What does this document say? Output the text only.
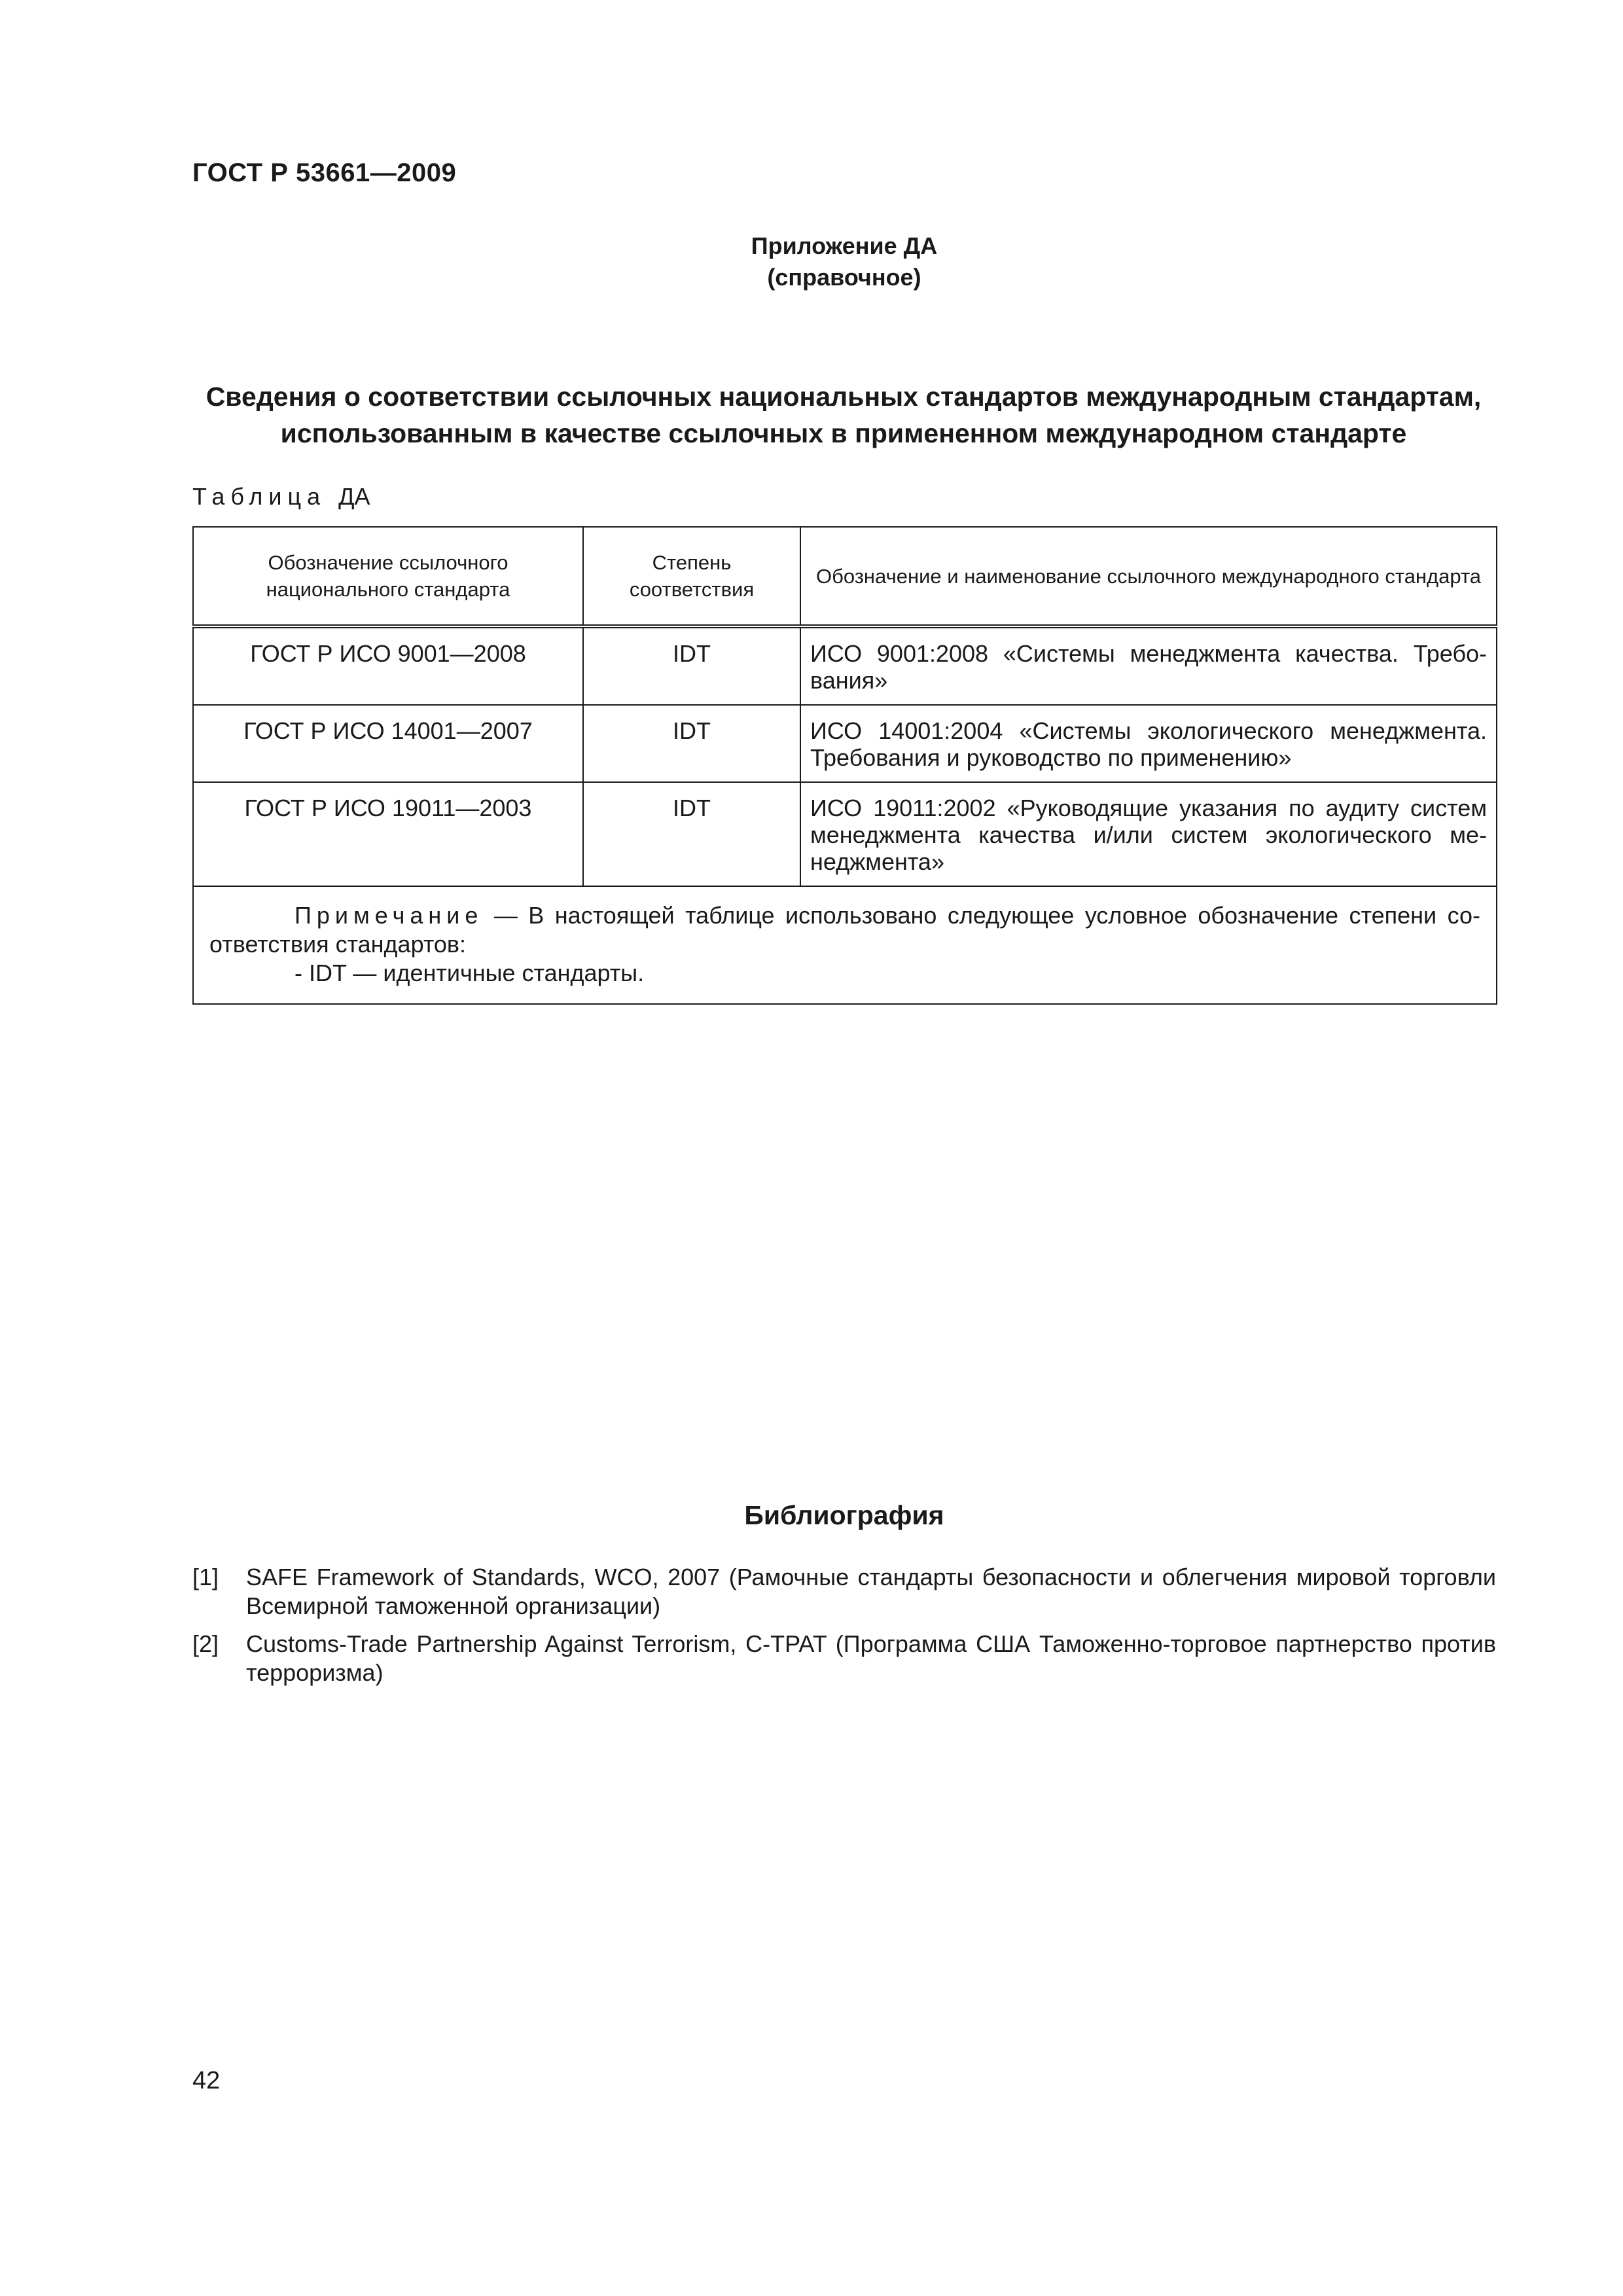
ГОСТ Р 53661—2009
Приложение ДА
(справочное)
Сведения о соответствии ссылочных национальных стандартов международным стандартам,
использованным в качестве ссылочных в примененном международном стандарте
Таблица ДА
Обозначение ссылочного национального стандарта	Степень соответствия	Обозначение и наименование ссылочного международного стандарта
ГОСТ Р ИСО 9001—2008	IDT	ИСО 9001:2008 «Системы менеджмента качества. Требования»
ГОСТ Р ИСО 14001—2007	IDT	ИСО 14001:2004 «Системы экологического менеджмента. Требования и руководство по применению»
ГОСТ Р ИСО 19011—2003	IDT	ИСО 19011:2002 «Руководящие указания по аудиту систем менеджмента качества и/или систем экологического менеджмента»

Примечание — В настоящей таблице использовано следующее условное обозначение степени соответствия стандартов:
- IDT — идентичные стандарты.		
Библиография
[1]	SAFE Framework of Standards, WCO, 2007 (Рамочные стандарты безопасности и облегчения мировой торговли Всемирной таможенной организации)
[2]	Customs-Trade Partnership Against Terrorism, C-TPAT (Программа США Таможенно-торговое партнерство против терроризма)
42
